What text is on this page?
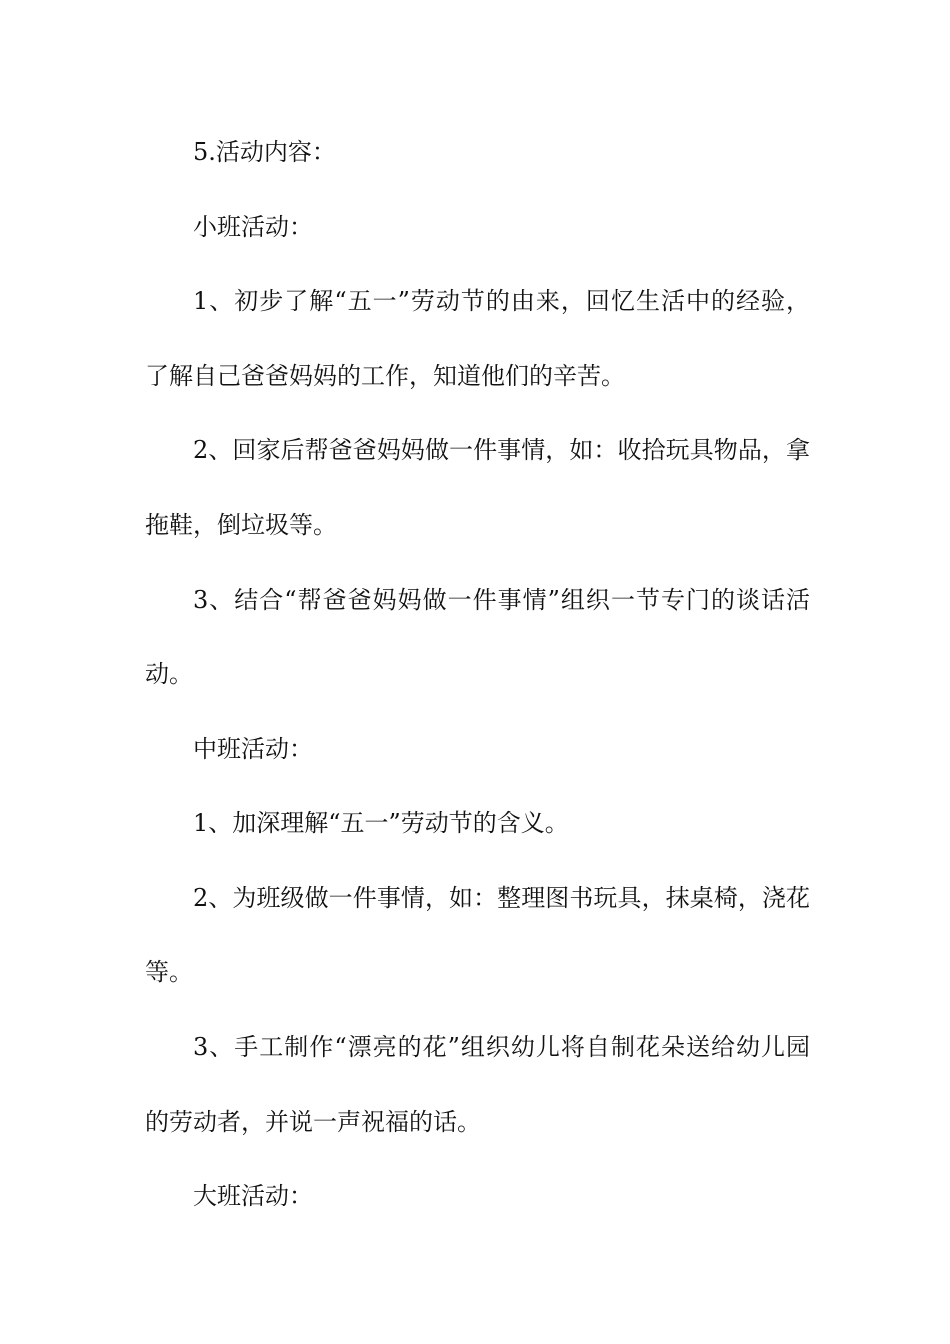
5.活动内容：
小班活动：
1、初步了解“五一”劳动节的由来，回忆生活中的经验，
了解自己爸爸妈妈的工作，知道他们的辛苦。
2、回家后帮爸爸妈妈做一件事情，如：收拾玩具物品，拿
拖鞋，倒垃圾等。
3、结合“帮爸爸妈妈做一件事情”组织一节专门的谈话活
动。
中班活动：
1、加深理解“五一”劳动节的含义。
2、为班级做一件事情，如：整理图书玩具，抹桌椅，浇花
等。
3、手工制作“漂亮的花”组织幼儿将自制花朵送给幼儿园
的劳动者，并说一声祝福的话。
大班活动：
